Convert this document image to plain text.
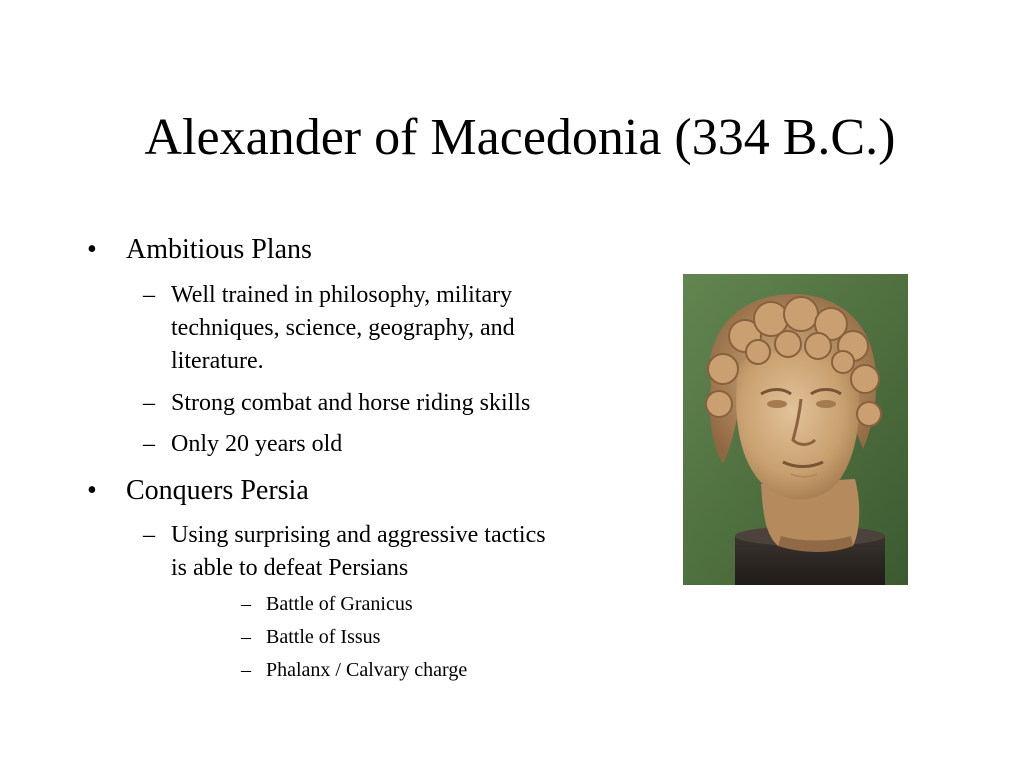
Alexander of Macedonia (334 B.C.)
• Ambitious Plans
– Well trained in philosophy, military techniques, science, geography, and literature.
– Strong combat and horse riding skills
– Only 20 years old
• Conquers Persia
– Using surprising and aggressive tactics is able to defeat Persians
– Battle of Granicus
– Battle of Issus
– Phalanx / Calvary charge
